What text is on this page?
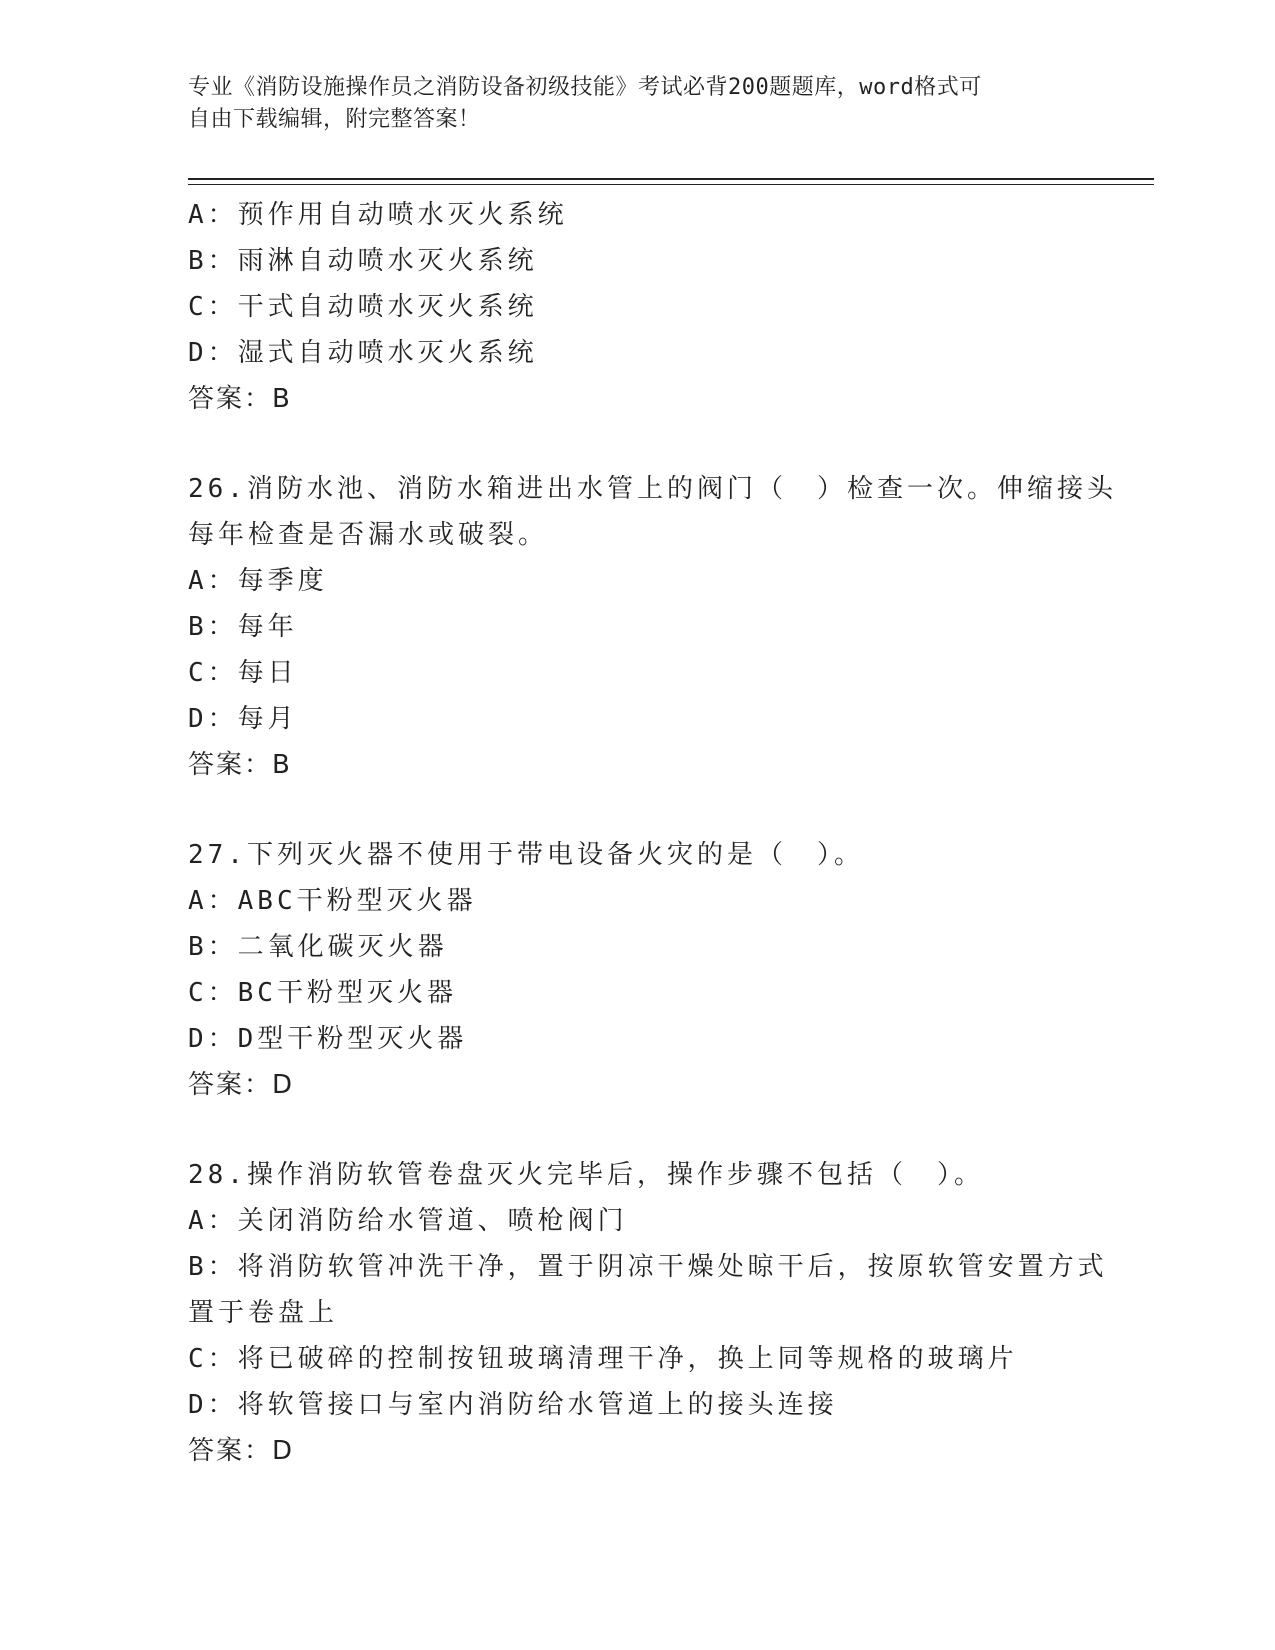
专业《消防设施操作员之消防设备初级技能》考试必背200题题库，word格式可
自由下载编辑，附完整答案！
A：预作用自动喷水灭火系统
B：雨淋自动喷水灭火系统
C：干式自动喷水灭火系统
D：湿式自动喷水灭火系统
答案：B
26.消防水池、消防水箱进出水管上的阀门（　）检查一次。伸缩接头
每年检查是否漏水或破裂。
A：每季度
B：每年
C：每日
D：每月
答案：B
27.下列灭火器不使用于带电设备火灾的是（　）。
A：ABC干粉型灭火器
B：二氧化碳灭火器
C：BC干粉型灭火器
D：D型干粉型灭火器
答案：D
28.操作消防软管卷盘灭火完毕后，操作步骤不包括（　）。
A：关闭消防给水管道、喷枪阀门
B：将消防软管冲洗干净，置于阴凉干燥处晾干后，按原软管安置方式
置于卷盘上
C：将已破碎的控制按钮玻璃清理干净，换上同等规格的玻璃片
D：将软管接口与室内消防给水管道上的接头连接
答案：D
